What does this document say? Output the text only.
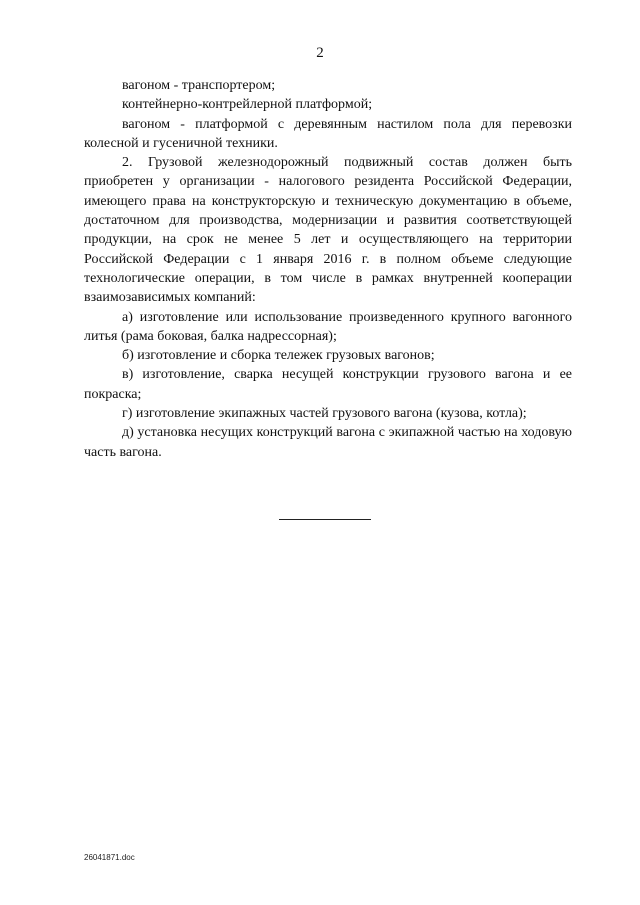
2

вагоном - транспортером;

контейнерно-контрейлерной платформой;

вагоном - платформой с деревянным настилом пола для перевозки колесной и гусеничной техники.

2. Грузовой железнодорожный подвижный состав должен быть приобретен у организации - налогового резидента Российской Федерации, имеющего права на конструкторскую и техническую документацию в объеме, достаточном для производства, модернизации и развития соответствующей продукции, на срок не менее 5 лет и осуществляющего на территории Российской Федерации с 1 января 2016 г. в полном объеме следующие технологические операции, в том числе в рамках внутренней кооперации взаимозависимых компаний:

а) изготовление или использование произведенного крупного вагонного литья (рама боковая, балка надрессорная);

б) изготовление и сборка тележек грузовых вагонов;

в) изготовление, сварка несущей конструкции грузового вагона и ее покраска;

г) изготовление экипажных частей грузового вагона (кузова, котла);

д) установка несущих конструкций вагона с экипажной частью на ходовую часть вагона.

26041871.doc
